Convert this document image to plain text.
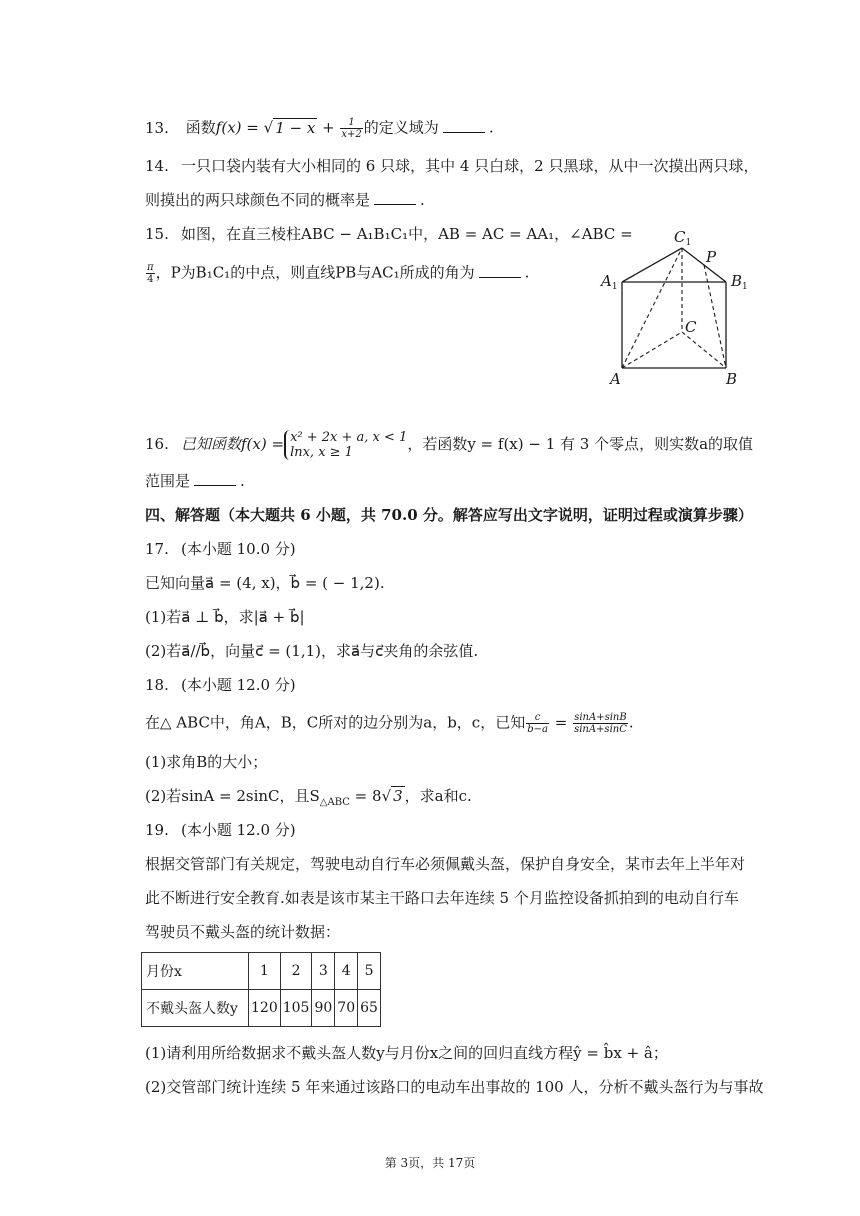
13. 函数f(x) = √ $1 - x + \frac{1}{x+2}$ 的定义域为	.
14. 一只口袋内装有大小相同的 6 只球，其中 4 只白球，2 只黑球，从中一次摸出两只球，
则摸出的两只球颜色不同的概率是	.
15. 如图，在直三棱柱ABC − A₁B₁C₁中，AB = AC = AA₁，∠ABC =
$\frac{\pi}{4}$ ，P为B₁C₁的中点，则直线PB与AC₁所成的角为	.
$C_1$
P
$A_1$	$B_1$
C
A	B
16. 已知函数f(x) = x² + 2x + a, x < 1
lnx, x ≥ 1	，若函数y = f(x) − 1 有 3 个零点，则实数a的取值
范围是	.
四、解答题（本大题共 6 小题，共 70.0 分。解答应写出文字说明，证明过程或演算步骤）
17. (本小题 10.0 分)
已知向量a⃗ = (4, x)，b⃗ = ( − 1,2).
(1)若a⃗ ⊥ b⃗，求|a⃗ + b⃗|
(2)若a⃗//b⃗，向量c⃗ = (1,1)，求a⃗与c⃗夹角的余弦值.
18. (本小题 12.0 分)
在△ ABC中，角A，B，C所对的边分别为a，b，c，已知 $\frac{c}{b-a} = \frac{\sin A+\sin B}{\sin A+\sin C}$ .
(1)求角B的大小；
(2)若sinA = 2sinC，且$S_{\triangle ABC} = 8√$ 3 ，求a和c.
19. (本小题 12.0 分)
根据交管部门有关规定，驾驶电动自行车必须佩戴头盔，保护自身安全，某市去年上半年对
此不断进行安全教育.如表是该市某主干路口去年连续 5 个月监控设备抓拍到的电动自行车
驾驶员不戴头盔的统计数据：
月份x	1	2	3	4	5
不戴头盔人数y	120	105	90	70	65
(1)请利用所给数据求不戴头盔人数y与月份x之间的回归直线方程ŷ = b̂x + â；
(2)交管部门统计连续 5 年来通过该路口的电动车出事故的 100 人，分析不戴头盔行为与事故
第 3页，共 17页
